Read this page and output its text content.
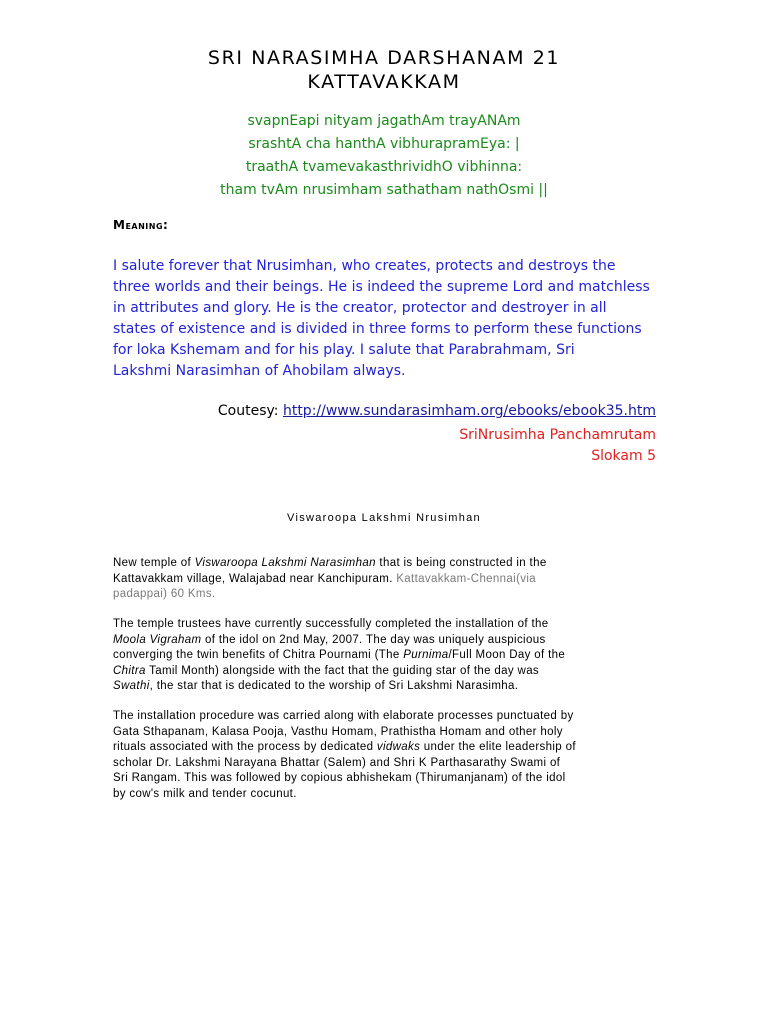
SRI NARASIMHA DARSHANAM 21
KATTAVAKKAM
svapnEapi nityam jagathAm trayANAm
srashtA cha hanthA vibhurapramEya: |
traathA tvamevakasthrividhO vibhinna:
tham tvAm nrusimham sathatham nathOsmi ||
Meaning:
I salute forever that Nrusimhan, who creates, protects and destroys the
three worlds and their beings. He is indeed the supreme Lord and matchless
in attributes and glory. He is the creator, protector and destroyer in all
states of existence and is divided in three forms to perform these functions
for loka Kshemam and for his play. I salute that Parabrahmam, Sri
Lakshmi Narasimhan of Ahobilam always.
Coutesy: http://www.sundarasimham.org/ebooks/ebook35.htm
SriNrusimha Panchamrutam
Slokam 5
Viswaroopa Lakshmi Nrusimhan
New temple of Viswaroopa Lakshmi Narasimhan that is being constructed in the
Kattavakkam village, Walajabad near Kanchipuram. Kattavakkam-Chennai(via
padappai) 60 Kms.
The temple trustees have currently successfully completed the installation of the
Moola Vigraham of the idol on 2nd May, 2007. The day was uniquely auspicious
converging the twin benefits of Chitra Pournami (The Purnima/Full Moon Day of the
Chitra Tamil Month) alongside with the fact that the guiding star of the day was
Swathi, the star that is dedicated to the worship of Sri Lakshmi Narasimha.
The installation procedure was carried along with elaborate processes punctuated by
Gata Sthapanam, Kalasa Pooja, Vasthu Homam, Prathistha Homam and other holy
rituals associated with the process by dedicated vidwaks under the elite leadership of
scholar Dr. Lakshmi Narayana Bhattar (Salem) and Shri K Parthasarathy Swami of
Sri Rangam. This was followed by copious abhishekam (Thirumanjanam) of the idol
by cow's milk and tender cocunut.
